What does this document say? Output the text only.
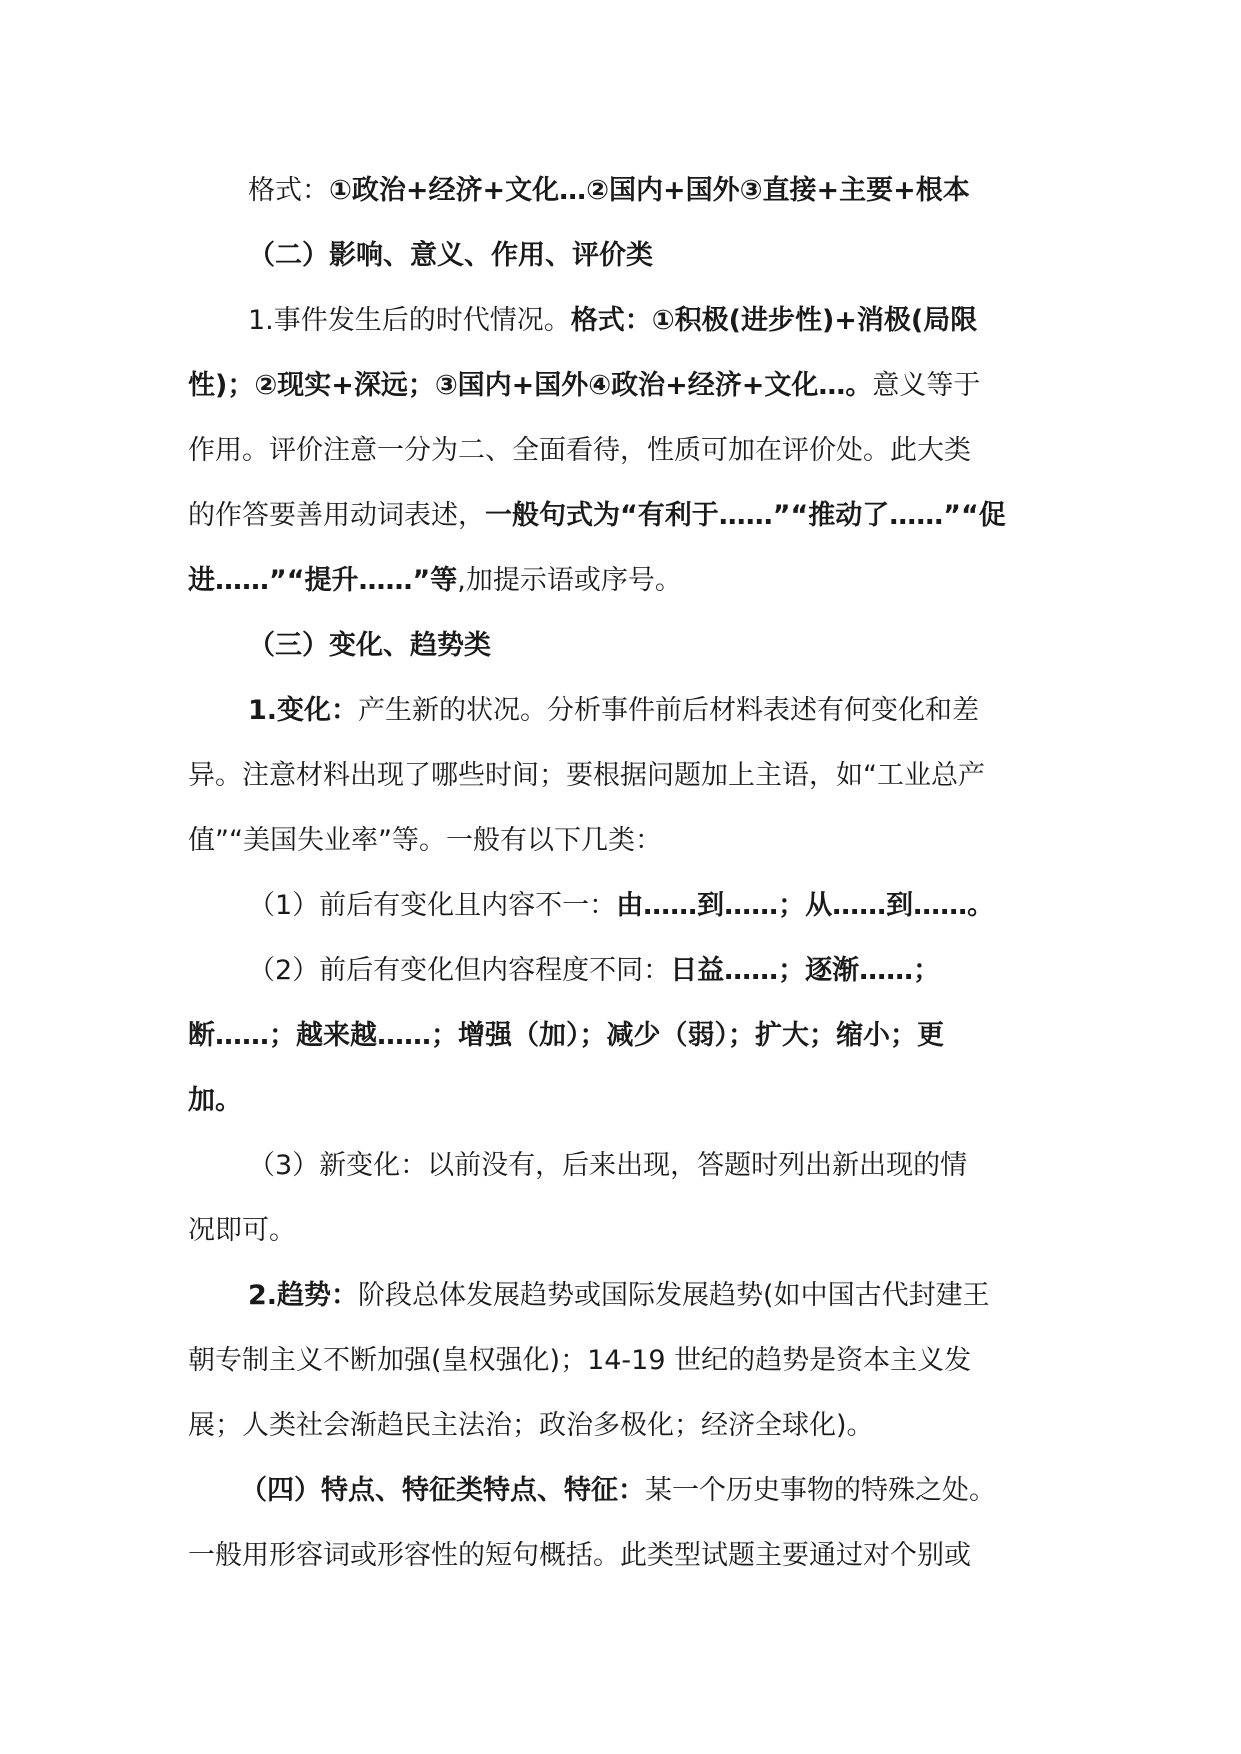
格式：①政治+经济+文化…②国内+国外③直接+主要+根本

（二）影响、意义、作用、评价类

1.事件发生后的时代情况。格式：①积极(进步性)+消极(局限

性)；②现实+深远；③国内+国外④政治+经济+文化…。意义等于

作用。评价注意一分为二、全面看待，性质可加在评价处。此大类

的作答要善用动词表述，一般句式为“有利于……”“推动了……”“促

进……”“提升……”等,加提示语或序号。

（三）变化、趋势类

1.变化：产生新的状况。分析事件前后材料表述有何变化和差

异。注意材料出现了哪些时间；要根据问题加上主语，如“工业总产

值”“美国失业率”等。一般有以下几类：

（1）前后有变化且内容不一：由……到……；从……到……。

（2）前后有变化但内容程度不同：日益……；逐渐……；

断……；越来越……；增强（加）；减少（弱）；扩大；缩小；更

加。

（3）新变化：以前没有，后来出现，答题时列出新出现的情

况即可。

2.趋势：阶段总体发展趋势或国际发展趋势(如中国古代封建王

朝专制主义不断加强(皇权强化)；14-19 世纪的趋势是资本主义发

展；人类社会渐趋民主法治；政治多极化；经济全球化)。

（四）特点、特征类特点、特征：某一个历史事物的特殊之处。

一般用形容词或形容性的短句概括。此类型试题主要通过对个别或
